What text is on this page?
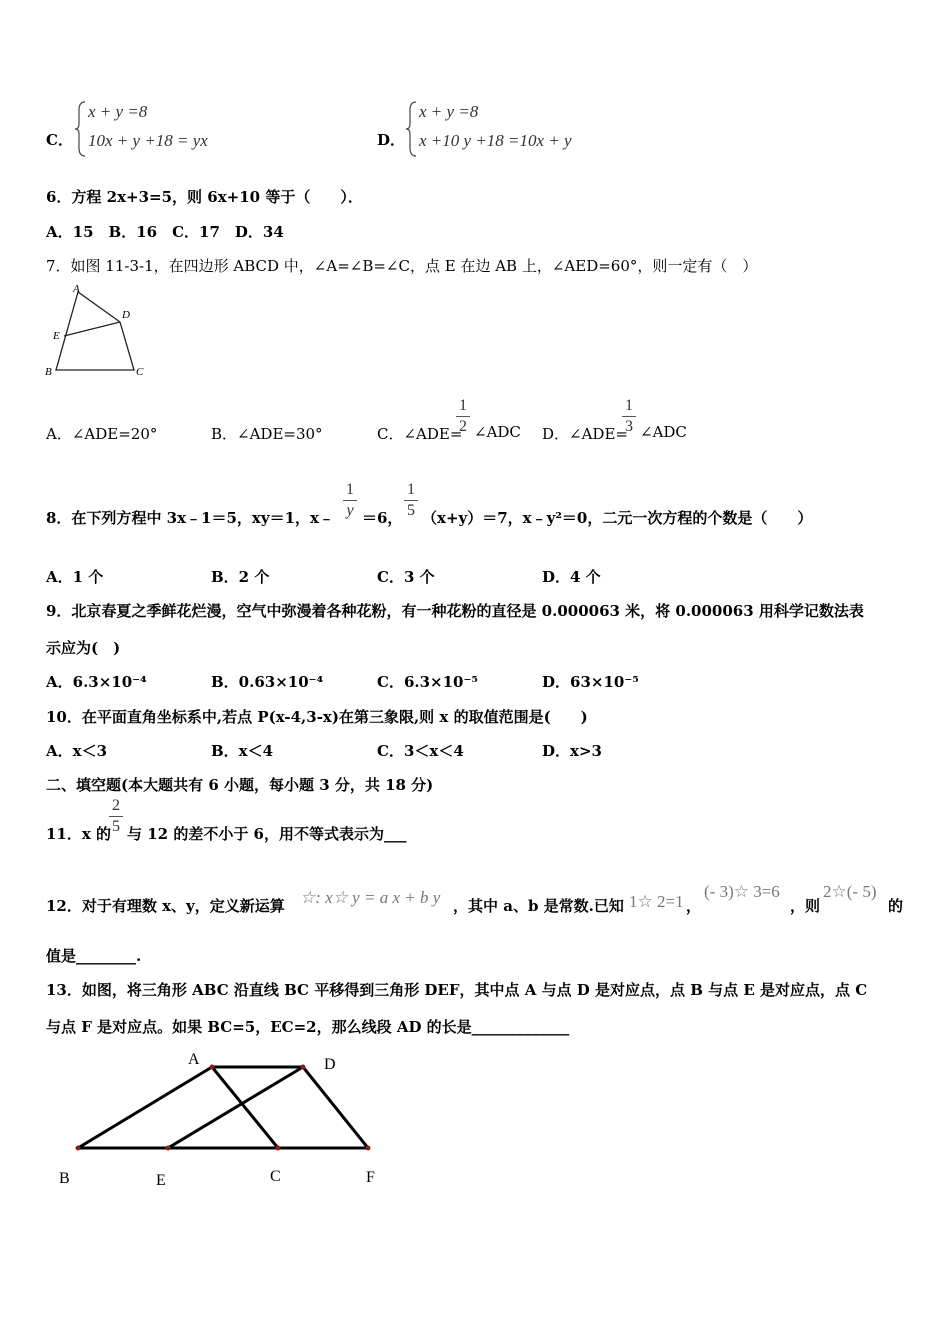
C．
x + y =8
10x + y +18 = yx	D．
x + y =8
x +10 y +18 =10x + y
6．方程 2x+3=5，则 6x+10 等于（　　）．
A．15　B．16　C．17　D．34
7．如图 11-3-1，在四边形 ABCD 中，∠A=∠B=∠C，点 E 在边 AB 上，∠AED=60°，则一定有（　）
A
B	C
D
E
A．∠ADE=20°	B．∠ADE=30°	C．∠ADE=
1
2 ∠ADC D．∠ADE=
1
3 ∠ADC
8．在下列方程中 3x﹣1＝5，xy＝1，x﹣
1
y ＝6，
1
5 （x+y）＝7，x﹣y²＝0，二元一次方程的个数是（　　）
A．1 个	B．2 个	C．3 个	D．4 个
9．北京春夏之季鲜花烂漫，空气中弥漫着各种花粉，有一种花粉的直径是 0.000063 米，将 0.000063 用科学记数法表
示应为(　)
A．6.3×10⁻⁴	B．0.63×10⁻⁴	C．6.3×10⁻⁵	D．63×10⁻⁵
10．在平面直角坐标系中,若点 P(x-4,3-x)在第三象限,则 x 的取值范围是(　　)
A．x＜3	B．x＜4	C．3＜x＜4	D．x>3
二、填空题(本大题共有 6 小题，每小题 3 分，共 18 分)
11．x 的
2
5 与 12 的差不小于 6，用不等式表示为___
12．对于有理数 x、y，定义新运算 ☆: x☆ y = a x + b y ，其中 a、b 是常数.已知 1☆ 2=1 ，
(- 3)☆ 3=6
，则
2☆(- 5)
的
值是________.
13．如图，将三角形 ABC 沿直线 BC 平移得到三角形 DEF，其中点 A 与点 D 是对应点，点 B 与点 E 是对应点，点 C
与点 F 是对应点。如果 BC=5，EC=2，那么线段 AD 的长是_____________
A	D
B	E	C	F
